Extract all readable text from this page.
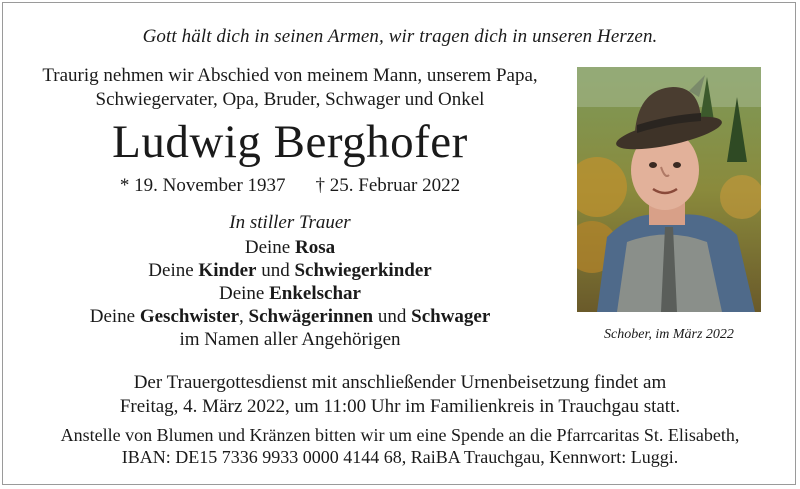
Gott hält dich in seinen Armen, wir tragen dich in unseren Herzen.
Traurig nehmen wir Abschied von meinem Mann, unserem Papa,
Schwiegervater, Opa, Bruder, Schwager und Onkel
Ludwig Berghofer
* 19. November 1937 † 25. Februar 2022
In stiller Trauer
Deine Rosa
Deine Kinder und Schwiegerkinder
Deine Enkelschar
Deine Geschwister, Schwägerinnen und Schwager
im Namen aller Angehörigen	Schober, im März 2022
Der Trauergottesdienst mit anschließender Urnenbeisetzung findet am
Freitag, 4. März 2022, um 11:00 Uhr im Familienkreis in Trauchgau statt.
Anstelle von Blumen und Kränzen bitten wir um eine Spende an die Pfarrcaritas St. Elisabeth,
IBAN: DE15 7336 9933 0000 4144 68, RaiBA Trauchgau, Kennwort: Luggi.
